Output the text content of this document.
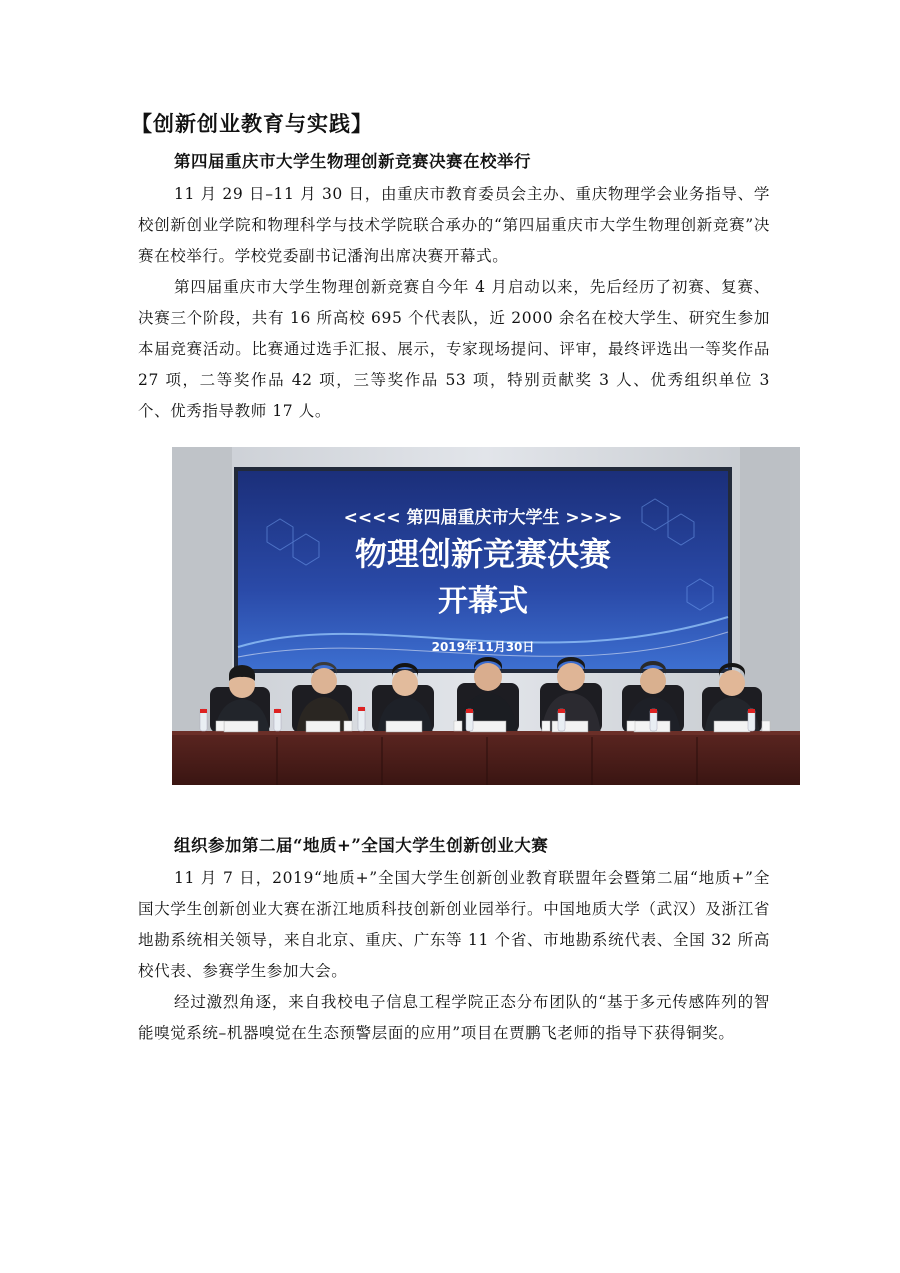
【创新创业教育与实践】
第四届重庆市大学生物理创新竞赛决赛在校举行

11 月 29 日–11 月 30 日，由重庆市教育委员会主办、重庆物理学会业务指导、学校创新创业学院和物理科学与技术学院联合承办的“第四届重庆市大学生物理创新竞赛”决赛在校举行。学校党委副书记潘洵出席决赛开幕式。

第四届重庆市大学生物理创新竞赛自今年 4 月启动以来，先后经历了初赛、复赛、决赛三个阶段，共有 16 所高校 695 个代表队，近 2000 余名在校大学生、研究生参加本届竞赛活动。比赛通过选手汇报、展示，专家现场提问、评审，最终评选出一等奖作品 27 项，二等奖作品 42 项，三等奖作品 53 项，特别贡献奖 3 人、优秀组织单位 3 个、优秀指导教师 17 人。

<<<< 第四届重庆市大学生 >>>>
物理创新竞赛决赛
开幕式
2019年11月30日
组织参加第二届“地质+”全国大学生创新创业大赛

11 月 7 日，2019“地质+”全国大学生创新创业教育联盟年会暨第二届“地质+”全国大学生创新创业大赛在浙江地质科技创新创业园举行。中国地质大学（武汉）及浙江省地勘系统相关领导，来自北京、重庆、广东等 11 个省、市地勘系统代表、全国 32 所高校代表、参赛学生参加大会。

经过激烈角逐，来自我校电子信息工程学院正态分布团队的“基于多元传感阵列的智能嗅觉系统–机器嗅觉在生态预警层面的应用”项目在贾鹏飞老师的指导下获得铜奖。
